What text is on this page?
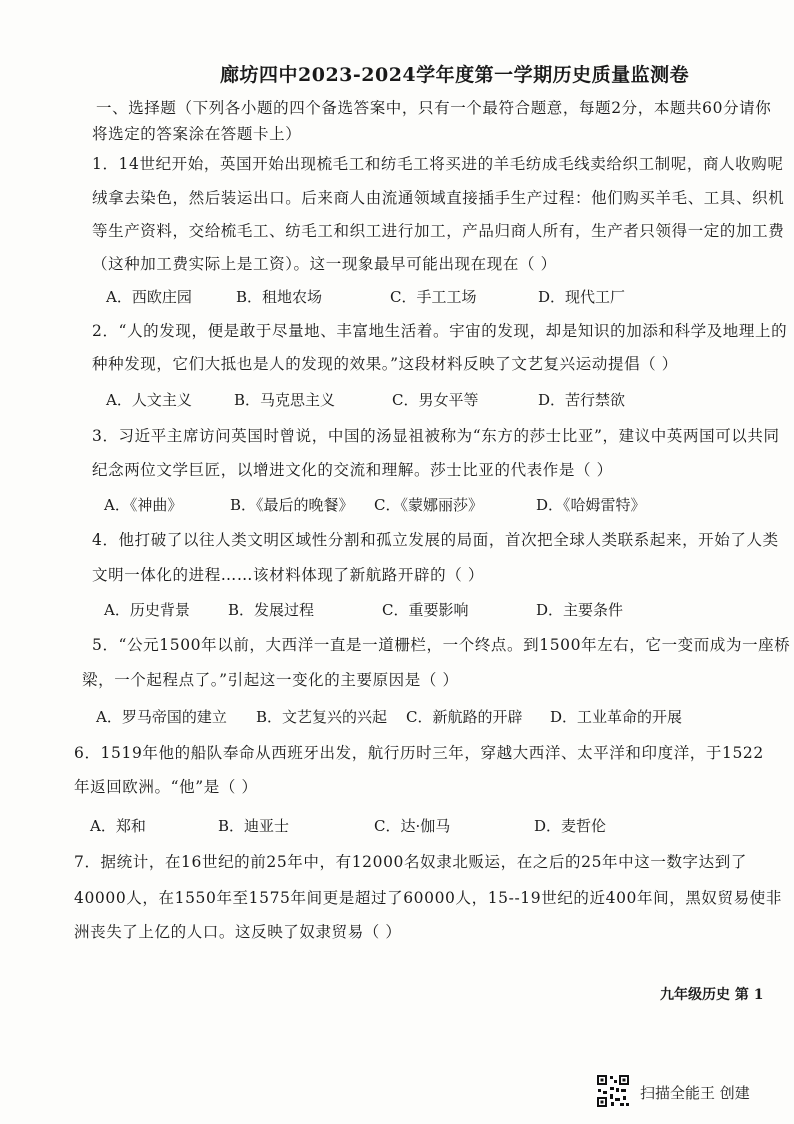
廊坊四中2023-2024学年度第一学期历史质量监测卷
一、选择题（下列各小题的四个备选答案中，只有一个最符合题意，每题2分，本题共60分请你
将选定的答案涂在答题卡上）
1．14世纪开始，英国开始出现梳毛工和纺毛工将买进的羊毛纺成毛线卖给织工制呢，商人收购呢
绒拿去染色，然后装运出口。后来商人由流通领域直接插手生产过程：他们购买羊毛、工具、织机
等生产资料，交给梳毛工、纺毛工和织工进行加工，产品归商人所有，生产者只领得一定的加工费
（这种加工费实际上是工资）。这一现象最早可能出现在现在（ ）
A．西欧庄园	B．租地农场	C．手工工场	D．现代工厂
2．“人的发现，便是敢于尽量地、丰富地生活着。宇宙的发现，却是知识的加添和科学及地理上的
种种发现，它们大抵也是人的发现的效果。”这段材料反映了文艺复兴运动提倡（ ）
A．人文主义	B．马克思主义	C．男女平等	D．苦行禁欲
3．习近平主席访问英国时曾说，中国的汤显祖被称为“东方的莎士比亚”，建议中英两国可以共同
纪念两位文学巨匠，以增进文化的交流和理解。莎士比亚的代表作是（ ）
A．《神曲》	B．《最后的晚餐》 C．《蒙娜丽莎》	D．《哈姆雷特》
4．他打破了以往人类文明区域性分割和孤立发展的局面，首次把全球人类联系起来，开始了人类
文明一体化的进程……该材料体现了新航路开辟的（ ）
A．历史背景	B．发展过程	C．重要影响	D．主要条件
5．“公元1500年以前，大西洋一直是一道栅栏，一个终点。到1500年左右，它一变而成为一座桥
梁，一个起程点了。”引起这一变化的主要原因是（ ）
A．罗马帝国的建立 B．文艺复兴的兴起 C．新航路的开辟 D．工业革命的开展
6．1519年他的船队奉命从西班牙出发，航行历时三年，穿越大西洋、太平洋和印度洋，于1522
年返回欧洲。“他”是（ ）
A．郑和	B．迪亚士	C．达·伽马	D．麦哲伦
7．据统计，在16世纪的前25年中，有12000名奴隶北贩运，在之后的25年中这一数字达到了
40000人，在1550年至1575年间更是超过了60000人，15--19世纪的近400年间，黑奴贸易使非
洲丧失了上亿的人口。这反映了奴隶贸易（ ）
九年级历史 第 1
扫描全能王 创建
